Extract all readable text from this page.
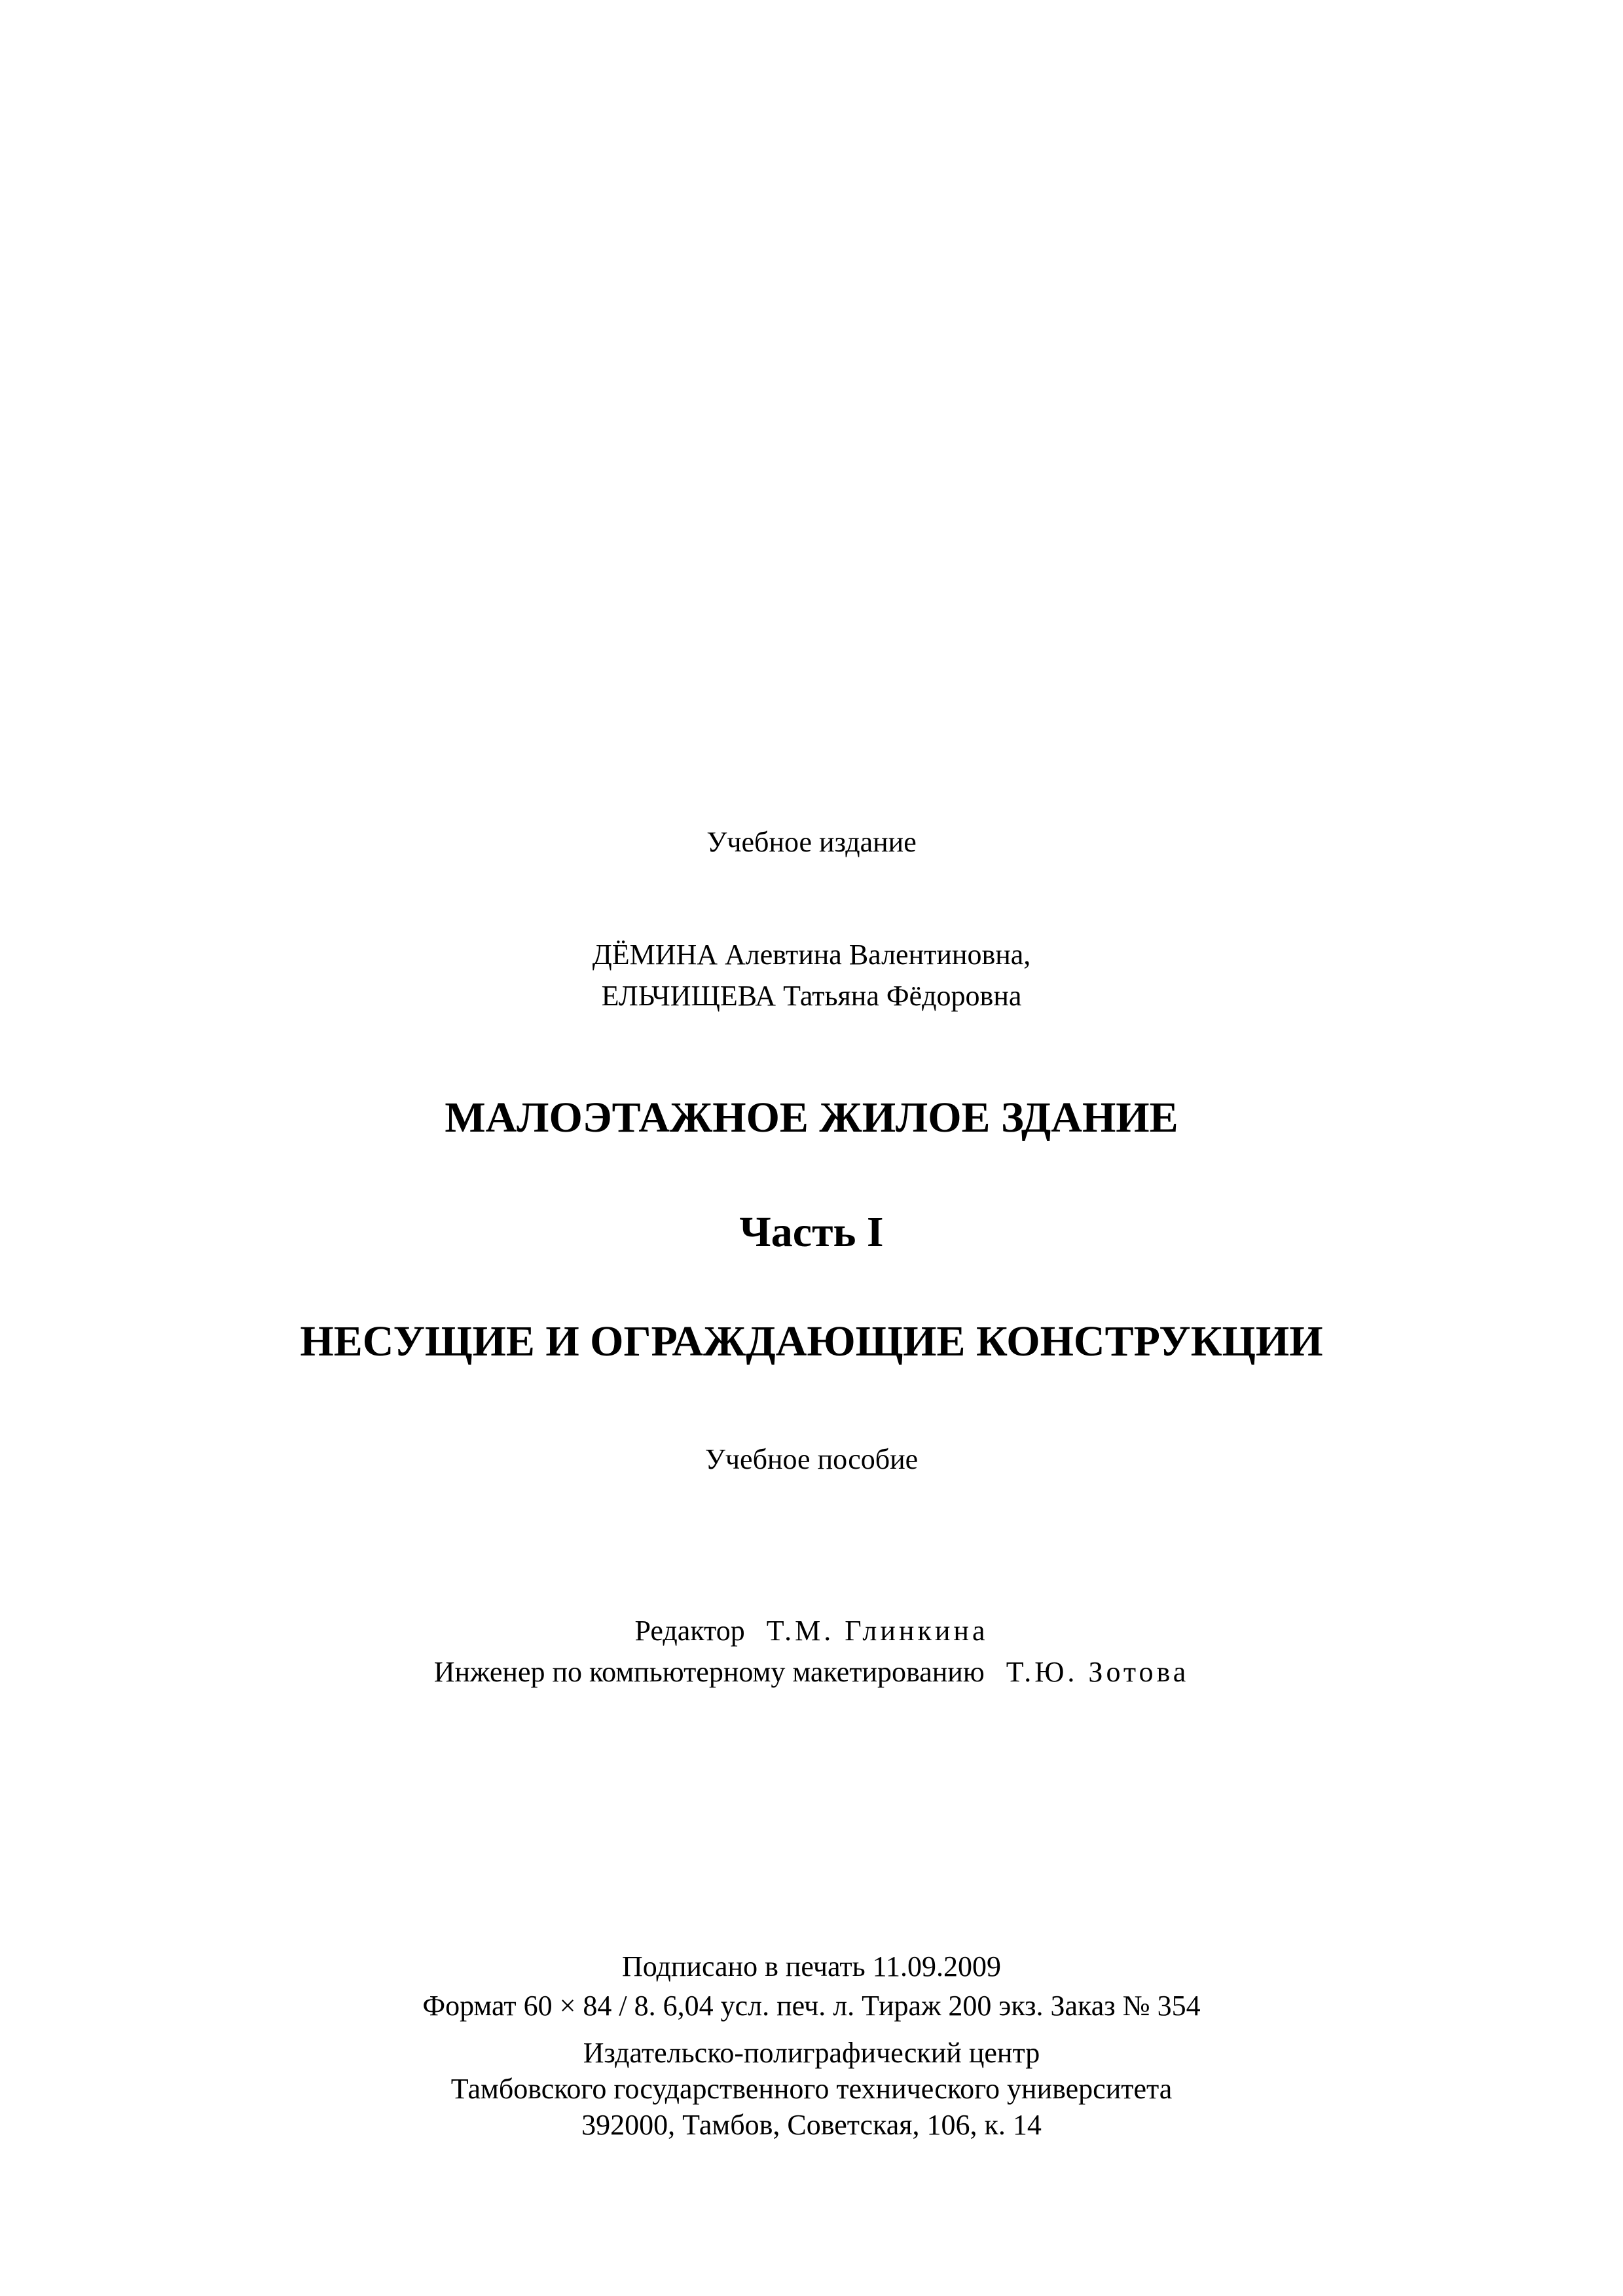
Учебное издание
ДЁМИНА Алевтина Валентиновна,
ЕЛЬЧИЩЕВА Татьяна Фёдоровна
МАЛОЭТАЖНОЕ ЖИЛОЕ ЗДАНИЕ
Часть I
НЕСУЩИЕ И ОГРАЖДАЮЩИЕ КОНСТРУКЦИИ
Учебное пособие
Редактор Т.М. Глинкина
Инженер по компьютерному макетированию Т.Ю. Зотова
Подписано в печать 11.09.2009
Формат 60 × 84 / 8. 6,04 усл. печ. л. Тираж 200 экз. Заказ № 354
Издательско-полиграфический центр
Тамбовского государственного технического университета
392000, Тамбов, Советская, 106, к. 14
